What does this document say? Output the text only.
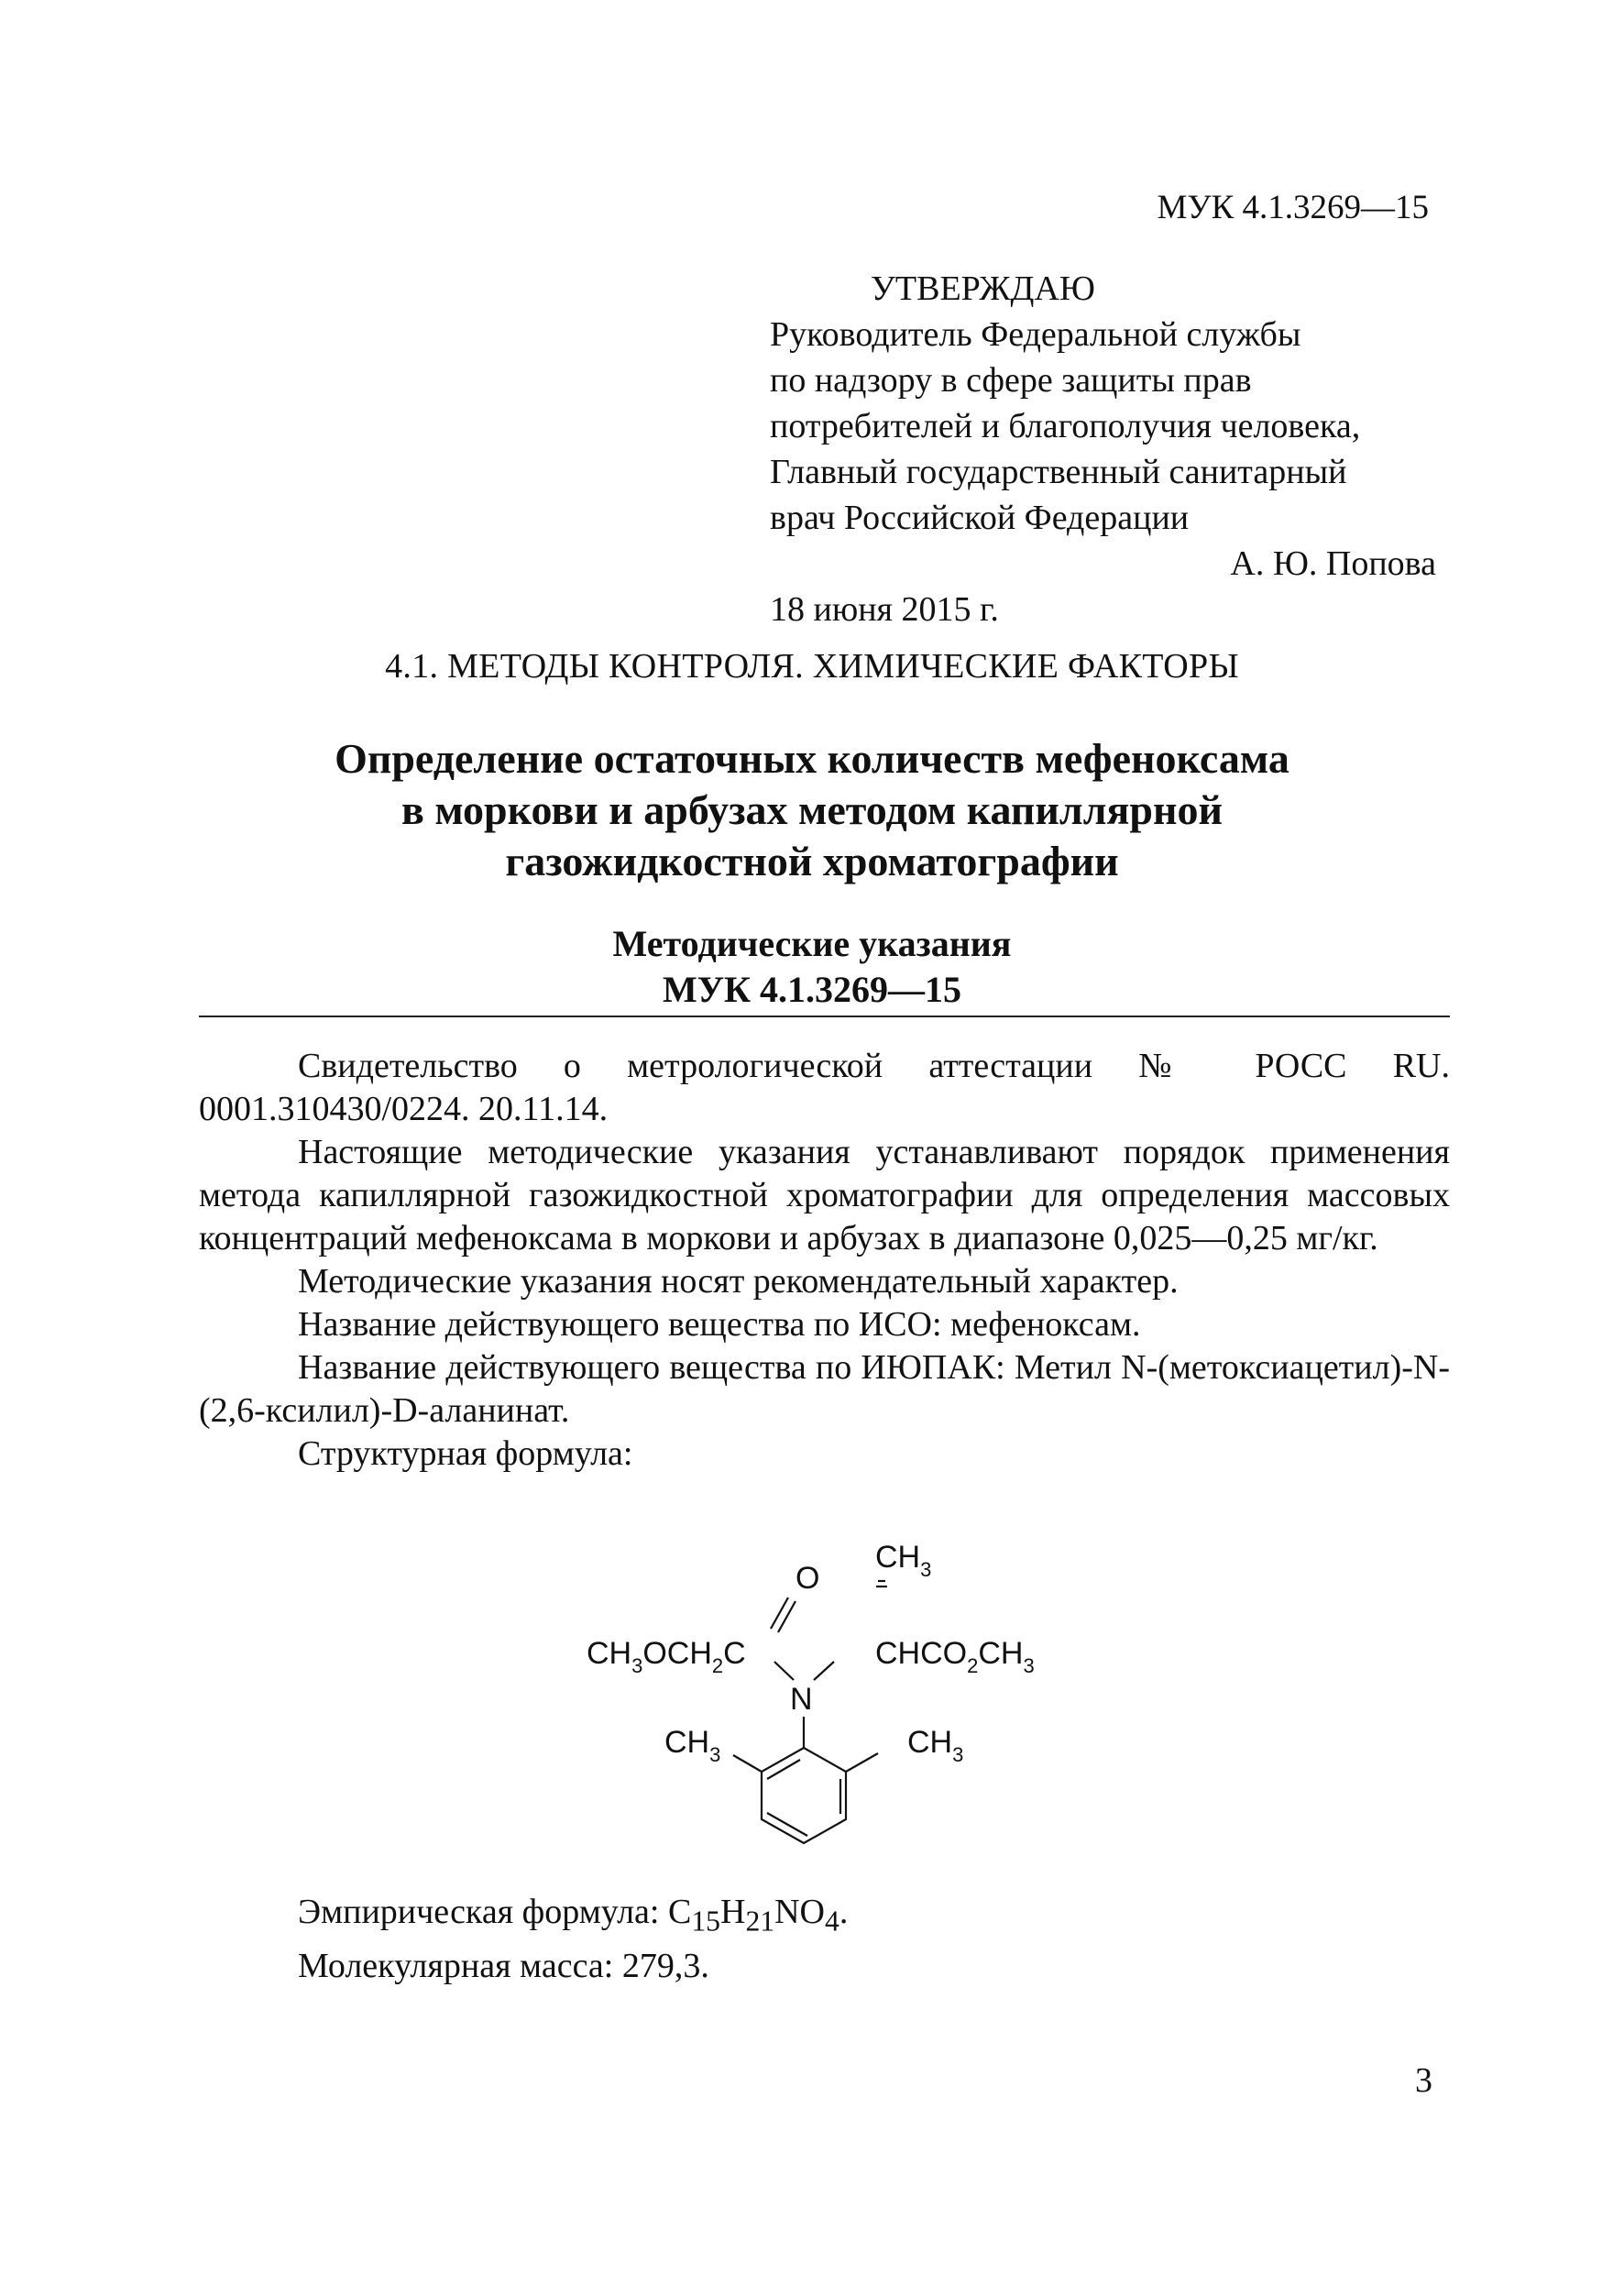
МУК 4.1.3269—15
УТВЕРЖДАЮ
Руководитель Федеральной службы
по надзору в сфере защиты прав
потребителей и благополучия человека,
Главный государственный санитарный
врач Российской Федерации
А. Ю. Попова
18 июня 2015 г.
4.1. МЕТОДЫ КОНТРОЛЯ. ХИМИЧЕСКИЕ ФАКТОРЫ
Определение остаточных количеств мефеноксама
в моркови и арбузах методом капиллярной
газожидкостной хроматографии
Методические указания
МУК 4.1.3269—15

Свидетельство о метрологической аттестации № РОСС RU. 0001.310430/0224. 20.11.14.

Настоящие методические указания устанавливают порядок применения метода капиллярной газожидкостной хроматографии для определения массовых концентраций мефеноксама в моркови и арбузах в диапазоне 0,025—0,25 мг/кг.

Методические указания носят рекомендательный характер.

Название действующего вещества по ИСО: мефеноксам.

Название действующего вещества по ИЮПАК: Метил N-(метоксиацетил)-N-(2,6-ксилил)-D-аланинат.

Структурная формула:

O
$CH_3$
$CH_3OCH_2C$
N
$CHCO_2CH_3$
$CH_3$	$CH_3$
Эмпирическая формула: $C_{15}H_{21}NO_4$.
Молекулярная масса: 279,3.
3
